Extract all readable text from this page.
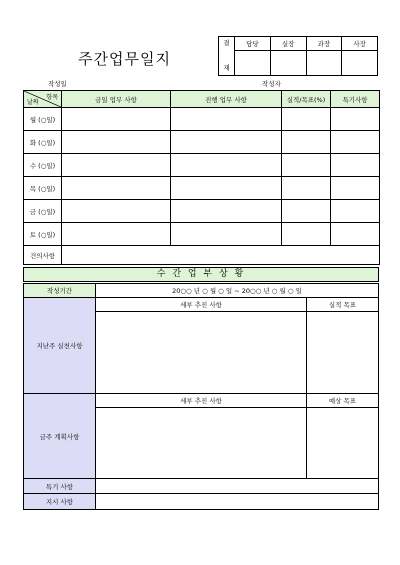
주간업무일지
결

재	담당	실장	과장	사장

작성일	작성자
항목
날짜	금일 업무 사항	진행 업무 사항	실적/목표(%)	특기사항
월 (○일)				
화 (○일)				
수 (○일)				
목 (○일)				
금 (○일)				
토 (○일)				
건의사항				
수 간 업 부 상 황
작성기간	20○○ 년 ○ 월 ○ 일 ~ 20○○ 년 ○ 월 ○ 일	
지난주 실천사항	세부 추진 사항	실적 목표

금주 계획사항	세부 추진 사항	예상 목표

특기 사항		
지시 사항		
